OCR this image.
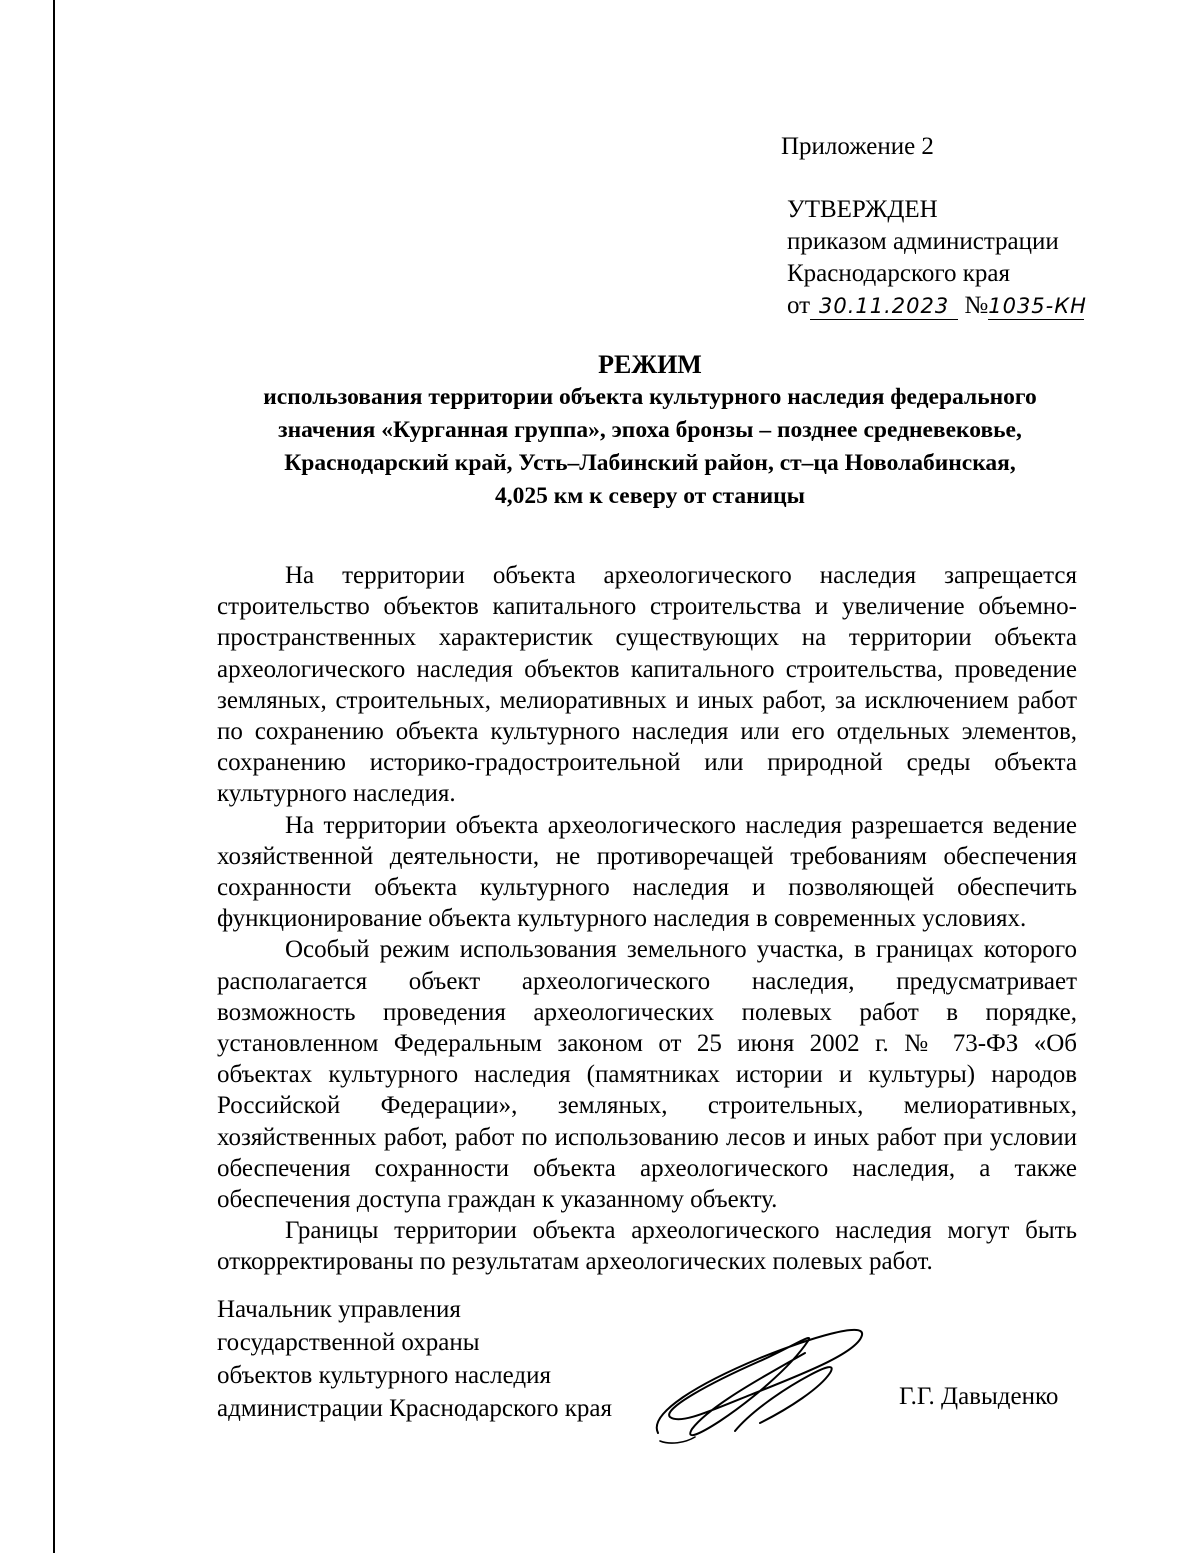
Приложение 2
УТВЕРЖДЕН
приказом администрации
Краснодарского края
от 30.11.2023 №1035-КН
РЕЖИМ
использования территории объекта культурного наследия федерального
значения «Курганная группа», эпоха бронзы – позднее средневековье,
Краснодарский край, Усть–Лабинский район, ст–ца Новолабинская,
4,025 км к северу от станицы

На территории объекта археологического наследия запрещается строительство объектов капитального строительства и увеличение объемно-пространственных характеристик существующих на территории объекта археологического наследия объектов капитального строительства, проведение земляных, строительных, мелиоративных и иных работ, за исключением работ по сохранению объекта культурного наследия или его отдельных элементов, сохранению историко-градостроительной или природной среды объекта культурного наследия.

На территории объекта археологического наследия разрешается ведение хозяйственной деятельности, не противоречащей требованиям обеспечения сохранности объекта культурного наследия и позволяющей обеспечить функционирование объекта культурного наследия в современных условиях.

Особый режим использования земельного участка, в границах которого располагается объект археологического наследия, предусматривает возможность проведения археологических полевых работ в порядке, установленном Федеральным законом от 25 июня 2002 г. № 73-ФЗ «Об объектах культурного наследия (памятниках истории и культуры) народов Российской Федерации», земляных, строительных, мелиоративных, хозяйственных работ, работ по использованию лесов и иных работ при условии обеспечения сохранности объекта археологического наследия, а также обеспечения доступа граждан к указанному объекту.

Границы территории объекта археологического наследия могут быть откорректированы по результатам археологических полевых работ.

Начальник управления
государственной охраны
объектов культурного наследия
администрации Краснодарского края	Г.Г. Давыденко
